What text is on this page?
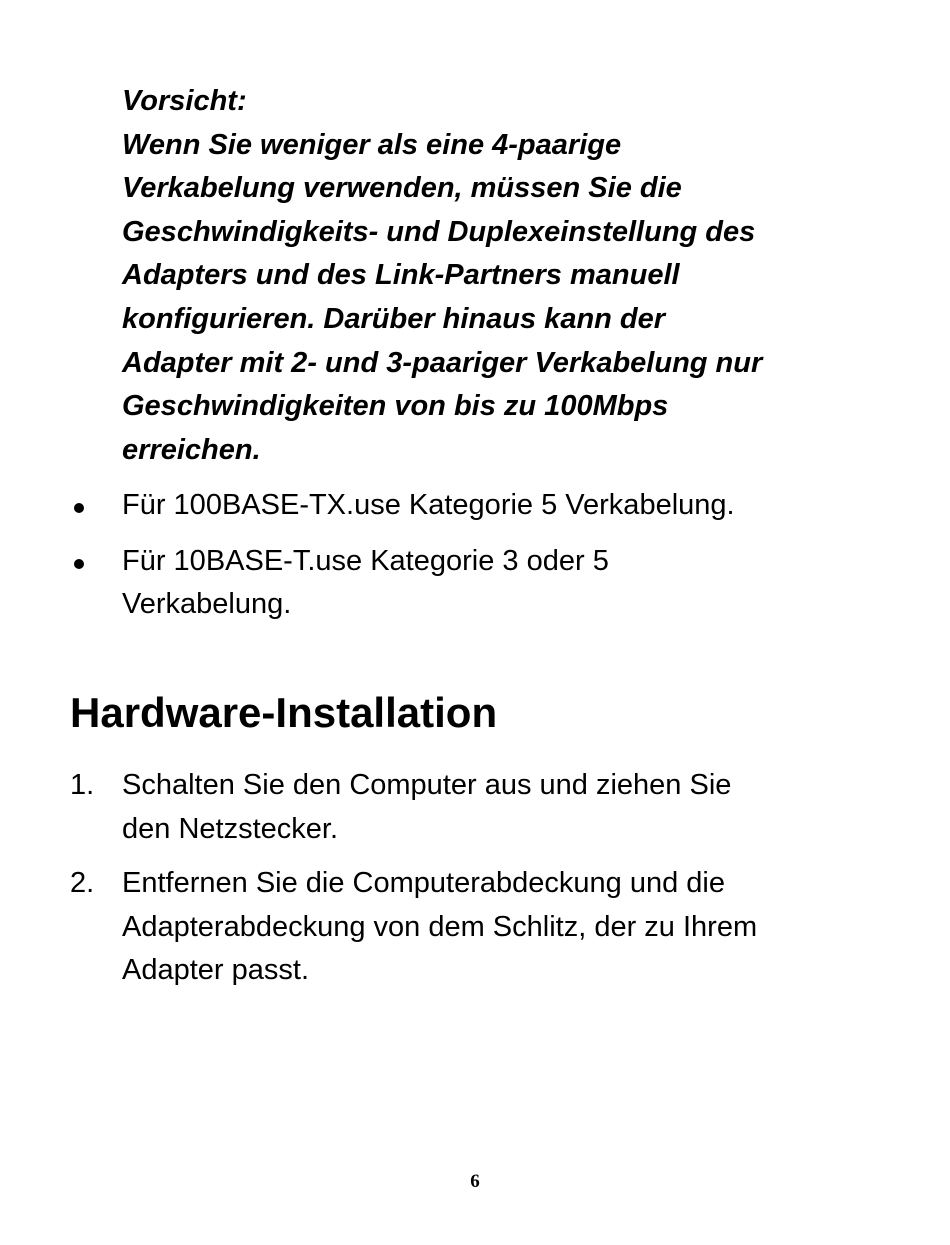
Vorsicht:
Wenn Sie weniger als eine 4-paarige
Verkabelung verwenden, müssen Sie die
Geschwindigkeits- und Duplexeinstellung des
Adapters und des Link-Partners manuell
konfigurieren. Darüber hinaus kann der
Adapter mit 2- und 3-paariger Verkabelung nur
Geschwindigkeiten von bis zu 100Mbps
erreichen.
Für 100BASE-TX.use Kategorie 5 Verkabelung.
Für 10BASE-T.use Kategorie 3 oder 5
Verkabelung.
Hardware-Installation
1. Schalten Sie den Computer aus und ziehen Sie
den Netzstecker.
2. Entfernen Sie die Computerabdeckung und die
Adapterabdeckung von dem Schlitz, der zu Ihrem
Adapter passt.
6
